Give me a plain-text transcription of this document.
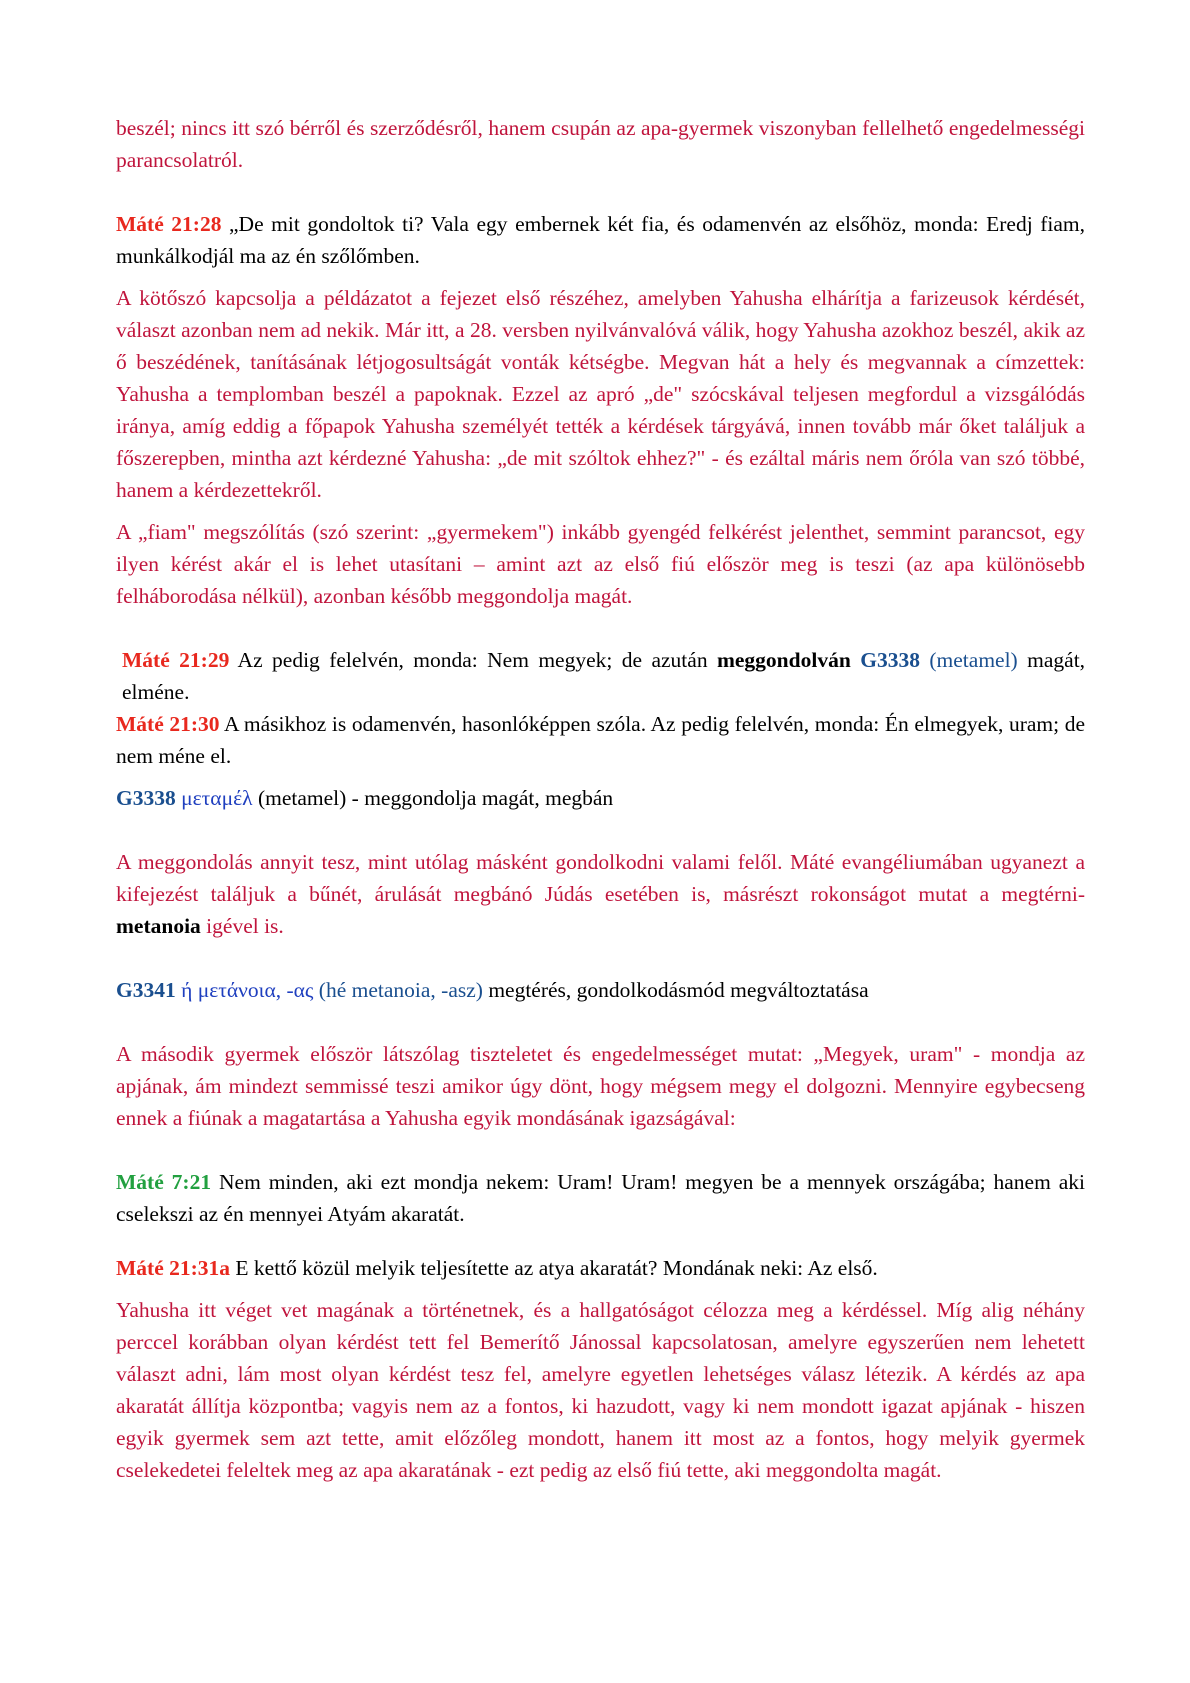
beszél; nincs itt szó bérről és szerződésről, hanem csupán az apa-gyermek viszonyban fellelhető engedelmességi parancsolatról.

Máté 21:28 „De mit gondoltok ti? Vala egy embernek két fia, és odamenvén az elsőhöz, monda: Eredj fiam, munkálkodjál ma az én szőlőmben.

A kötőszó kapcsolja a példázatot a fejezet első részéhez, amelyben Yahusha elhárítja a farizeusok kérdését, választ azonban nem ad nekik. Már itt, a 28. versben nyilvánvalóvá válik, hogy Yahusha azokhoz beszél, akik az ő beszédének, tanításának létjogosultságát vonták kétségbe. Megvan hát a hely és megvannak a címzettek: Yahusha a templomban beszél a papoknak. Ezzel az apró „de" szócskával teljesen megfordul a vizsgálódás iránya, amíg eddig a főpapok Yahusha személyét tették a kérdések tárgyává, innen tovább már őket találjuk a főszerepben, mintha azt kérdezné Yahusha: „de mit szóltok ehhez?" - és ezáltal máris nem őróla van szó többé, hanem a kérdezettekről.

A „fiam" megszólítás (szó szerint: „gyermekem") inkább gyengéd felkérést jelenthet, semmint parancsot, egy ilyen kérést akár el is lehet utasítani – amint azt az első fiú először meg is teszi (az apa különösebb felháborodása nélkül), azonban később meggondolja magát.

Máté 21:29 Az pedig felelvén, monda: Nem megyek; de azután meggondolván G3338 (metamel) magát, elméne.

Máté 21:30 A másikhoz is odamenvén, hasonlóképpen szóla. Az pedig felelvén, monda: Én elmegyek, uram; de nem méne el.

G3338 μεταμέλ (metamel) - meggondolja magát, megbán

A meggondolás annyit tesz, mint utólag másként gondolkodni valami felől. Máté evangéliumában ugyanezt a kifejezést találjuk a bűnét, árulását megbánó Júdás esetében is, másrészt rokonságot mutat a megtérni- metanoia igével is.

G3341 ή μετάνοια, -ας (hé metanoia, -asz) megtérés, gondolkodásmód megváltoztatása

A második gyermek először látszólag tiszteletet és engedelmességet mutat: „Megyek, uram" - mondja az apjának, ám mindezt semmissé teszi amikor úgy dönt, hogy mégsem megy el dolgozni. Mennyire egybecseng ennek a fiúnak a magatartása a Yahusha egyik mondásának igazságával:

Máté 7:21 Nem minden, aki ezt mondja nekem: Uram! Uram! megyen be a mennyek országába; hanem aki cselekszi az én mennyei Atyám akaratát.

Máté 21:31a E kettő közül melyik teljesítette az atya akaratát? Mondának neki: Az első.

Yahusha itt véget vet magának a történetnek, és a hallgatóságot célozza meg a kérdéssel. Míg alig néhány perccel korábban olyan kérdést tett fel Bemerítő Jánossal kapcsolatosan, amelyre egyszerűen nem lehetett választ adni, lám most olyan kérdést tesz fel, amelyre egyetlen lehetséges válasz létezik. A kérdés az apa akaratát állítja központba; vagyis nem az a fontos, ki hazudott, vagy ki nem mondott igazat apjának - hiszen egyik gyermek sem azt tette, amit előzőleg mondott, hanem itt most az a fontos, hogy melyik gyermek cselekedetei feleltek meg az apa akaratának - ezt pedig az első fiú tette, aki meggondolta magát.
